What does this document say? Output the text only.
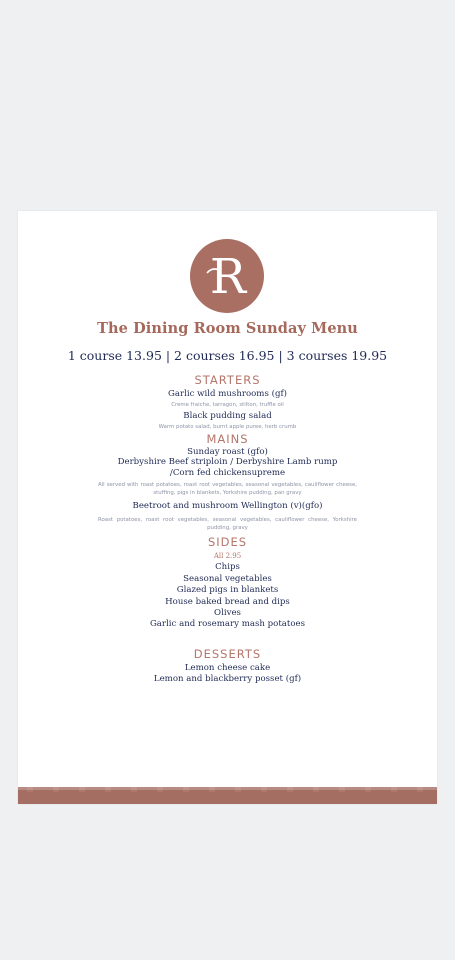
R
The Dining Room Sunday Menu
1 course 13.95 | 2 courses 16.95 | 3 courses 19.95
STARTERS
Garlic wild mushrooms (gf)
Creme fraiche, tarragon, stilton, truffle oil
Black pudding salad
Warm potato salad, burnt apple puree, herb crumb
MAINS
Sunday roast (gfo)
Derbyshire Beef striploin / Derbyshire Lamb rump /Corn fed chickensupreme
All served with roast potatoes, roast root vegetables, seasonal vegetables, cauliflower cheese, stuffing, pigs in blankets, Yorkshire pudding, pan gravy
Beetroot and mushroom Wellington (v)(gfo)
Roast potatoes, roast root vegetables, seasonal vegetables, cauliflower cheese, Yorkshire pudding, gravy
SIDES
All 2.95
Chips
Seasonal vegetables
Glazed pigs in blankets
House baked bread and dips
Olives
Garlic and rosemary mash potatoes
DESSERTS
Lemon cheese cake
Lemon and blackberry posset (gf)
